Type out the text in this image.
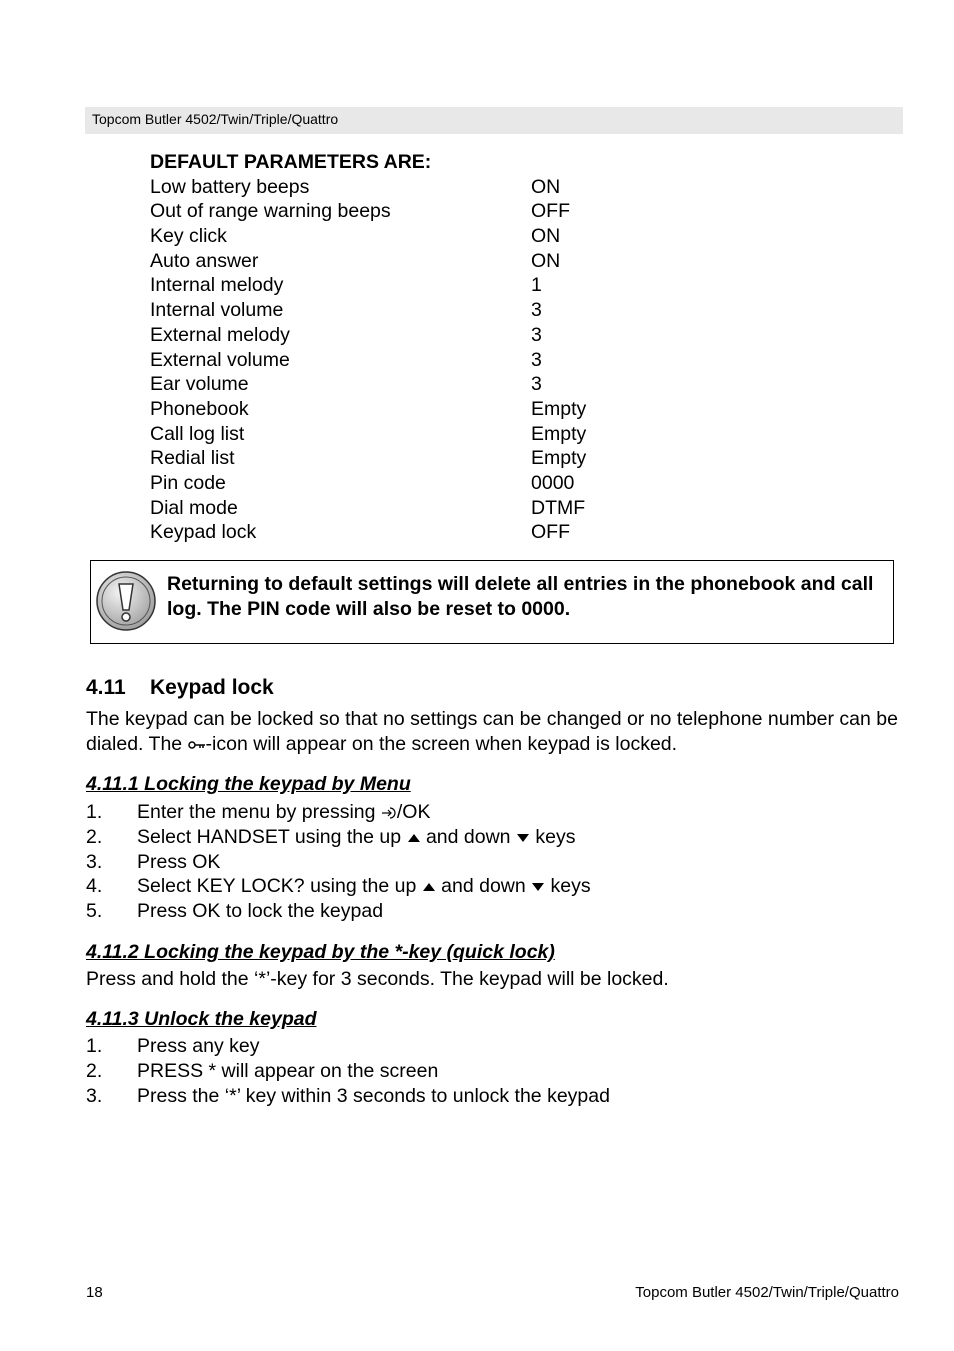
Topcom Butler 4502/Twin/Triple/Quattro
DEFAULT PARAMETERS ARE:
Low battery beeps	ON
Out of range warning beeps	OFF
Key click	ON
Auto answer	ON
Internal melody	1
Internal volume	3
External melody	3
External volume	3
Ear volume	3
Phonebook	Empty
Call log list	Empty
Redial list	Empty
Pin code	0000
Dial mode	DTMF
Keypad lock	OFF
Returning to default settings will delete all entries in the phonebook and call log. The PIN code will also be reset to 0000.
4.11 Keypad lock
The keypad can be locked so that no settings can be changed or no telephone number can be dialed. The -icon will appear on the screen when keypad is locked.
4.11.1 Locking the keypad by Menu
1. Enter the menu by pressing /OK
2. Select HANDSET using the up  and down  keys
3. Press OK
4. Select KEY LOCK? using the up  and down  keys
5. Press OK to lock the keypad
4.11.2 Locking the keypad by the *-key (quick lock)
Press and hold the ‘*’-key for 3 seconds. The keypad will be locked.
4.11.3 Unlock the keypad
1. Press any key
2. PRESS * will appear on the screen
3. Press the ‘*’ key within 3 seconds to unlock the keypad
18	Topcom Butler 4502/Twin/Triple/Quattro
